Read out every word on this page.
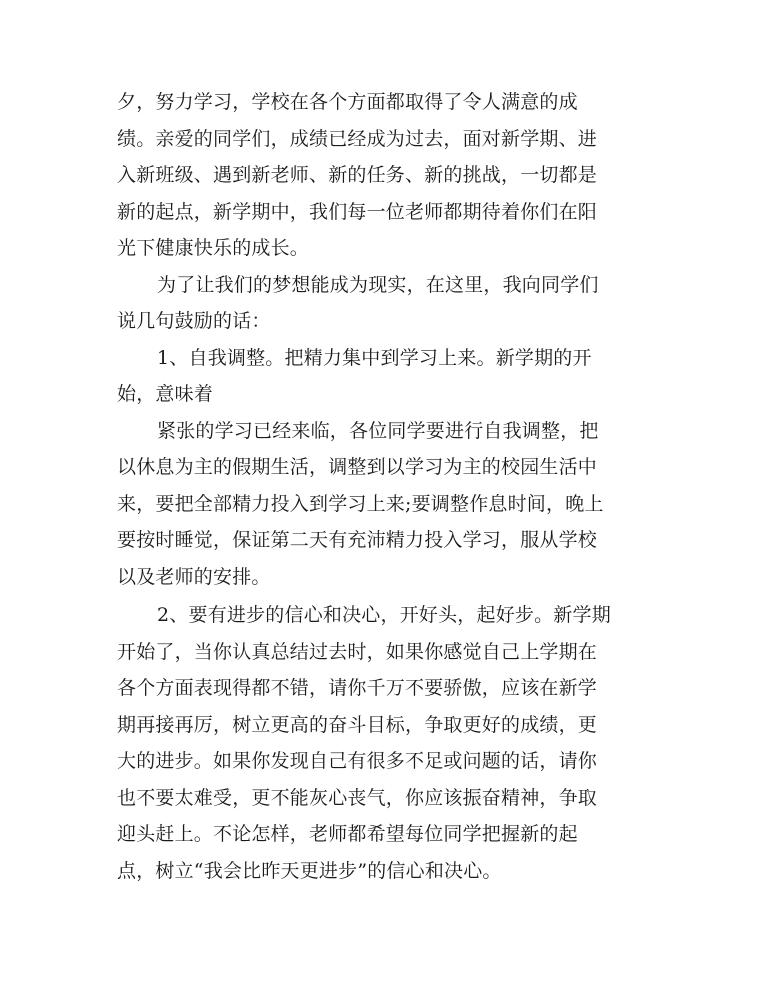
夕，努力学习，学校在各个方面都取得了令人满意的成
绩。亲爱的同学们，成绩已经成为过去，面对新学期、进
入新班级、遇到新老师、新的任务、新的挑战，一切都是
新的起点，新学期中，我们每一位老师都期待着你们在阳
光下健康快乐的成长。
为了让我们的梦想能成为现实，在这里，我向同学们
说几句鼓励的话：
1、自我调整。把精力集中到学习上来。新学期的开
始，意味着
紧张的学习已经来临，各位同学要进行自我调整，把
以休息为主的假期生活，调整到以学习为主的校园生活中
来，要把全部精力投入到学习上来;要调整作息时间，晚上
要按时睡觉，保证第二天有充沛精力投入学习，服从学校
以及老师的安排。
2、要有进步的信心和决心，开好头，起好步。新学期
开始了，当你认真总结过去时，如果你感觉自己上学期在
各个方面表现得都不错，请你千万不要骄傲，应该在新学
期再接再厉，树立更高的奋斗目标，争取更好的成绩，更
大的进步。如果你发现自己有很多不足或问题的话，请你
也不要太难受，更不能灰心丧气，你应该振奋精神，争取
迎头赶上。不论怎样，老师都希望每位同学把握新的起
点，树立“我会比昨天更进步”的信心和决心。
